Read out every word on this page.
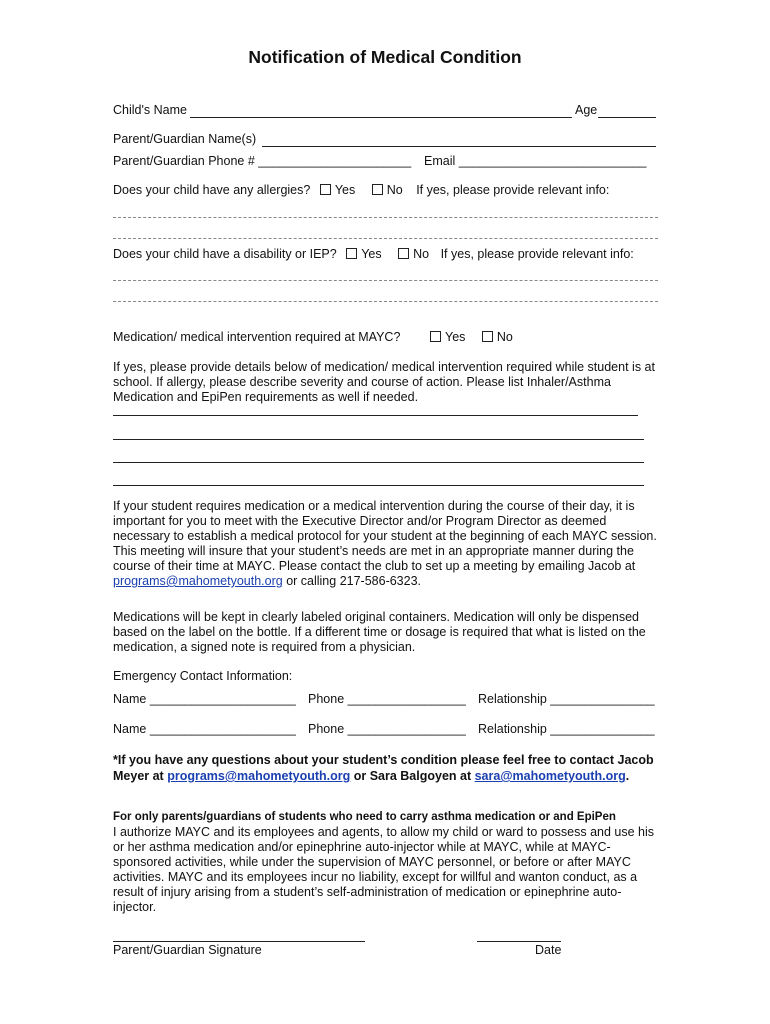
Notification of Medical Condition
Child's Name	Age
Parent/Guardian Name(s)
Parent/Guardian Phone # ______________________ Email ___________________________
Does your child have any allergies? Yes	No If yes, please provide relevant info:
Does your child have a disability or IEP? Yes	No If yes, please provide relevant info:
Medication/ medical intervention required at MAYC?	Yes	No
If yes, please provide details below of medication/ medical intervention required while student is at school. If allergy, please describe severity and course of action. Please list Inhaler/Asthma Medication and EpiPen requirements as well if needed.
If your student requires medication or a medical intervention during the course of their day, it is important for you to meet with the Executive Director and/or Program Director as deemed necessary to establish a medical protocol for your student at the beginning of each MAYC session. This meeting will insure that your student’s needs are met in an appropriate manner during the course of their time at MAYC. Please contact the club to set up a meeting by emailing Jacob at programs@mahometyouth.org or calling 217-586-6323.
Medications will be kept in clearly labeled original containers. Medication will only be dispensed based on the label on the bottle. If a different time or dosage is required that what is listed on the medication, a signed note is required from a physician.
Emergency Contact Information:
Name _____________________ Phone _________________ Relationship _______________
Name _____________________ Phone _________________ Relationship _______________
*If you have any questions about your student’s condition please feel free to contact Jacob Meyer at programs@mahometyouth.org or Sara Balgoyen at sara@mahometyouth.org.
For only parents/guardians of students who need to carry asthma medication or and EpiPen
I authorize MAYC and its employees and agents, to allow my child or ward to possess and use his or her asthma medication and/or epinephrine auto-injector while at MAYC, while at MAYC-sponsored activities, while under the supervision of MAYC personnel, or before or after MAYC activities. MAYC and its employees incur no liability, except for willful and wanton conduct, as a result of injury arising from a student’s self-administration of medication or epinephrine auto-injector.
Parent/Guardian Signature	Date
